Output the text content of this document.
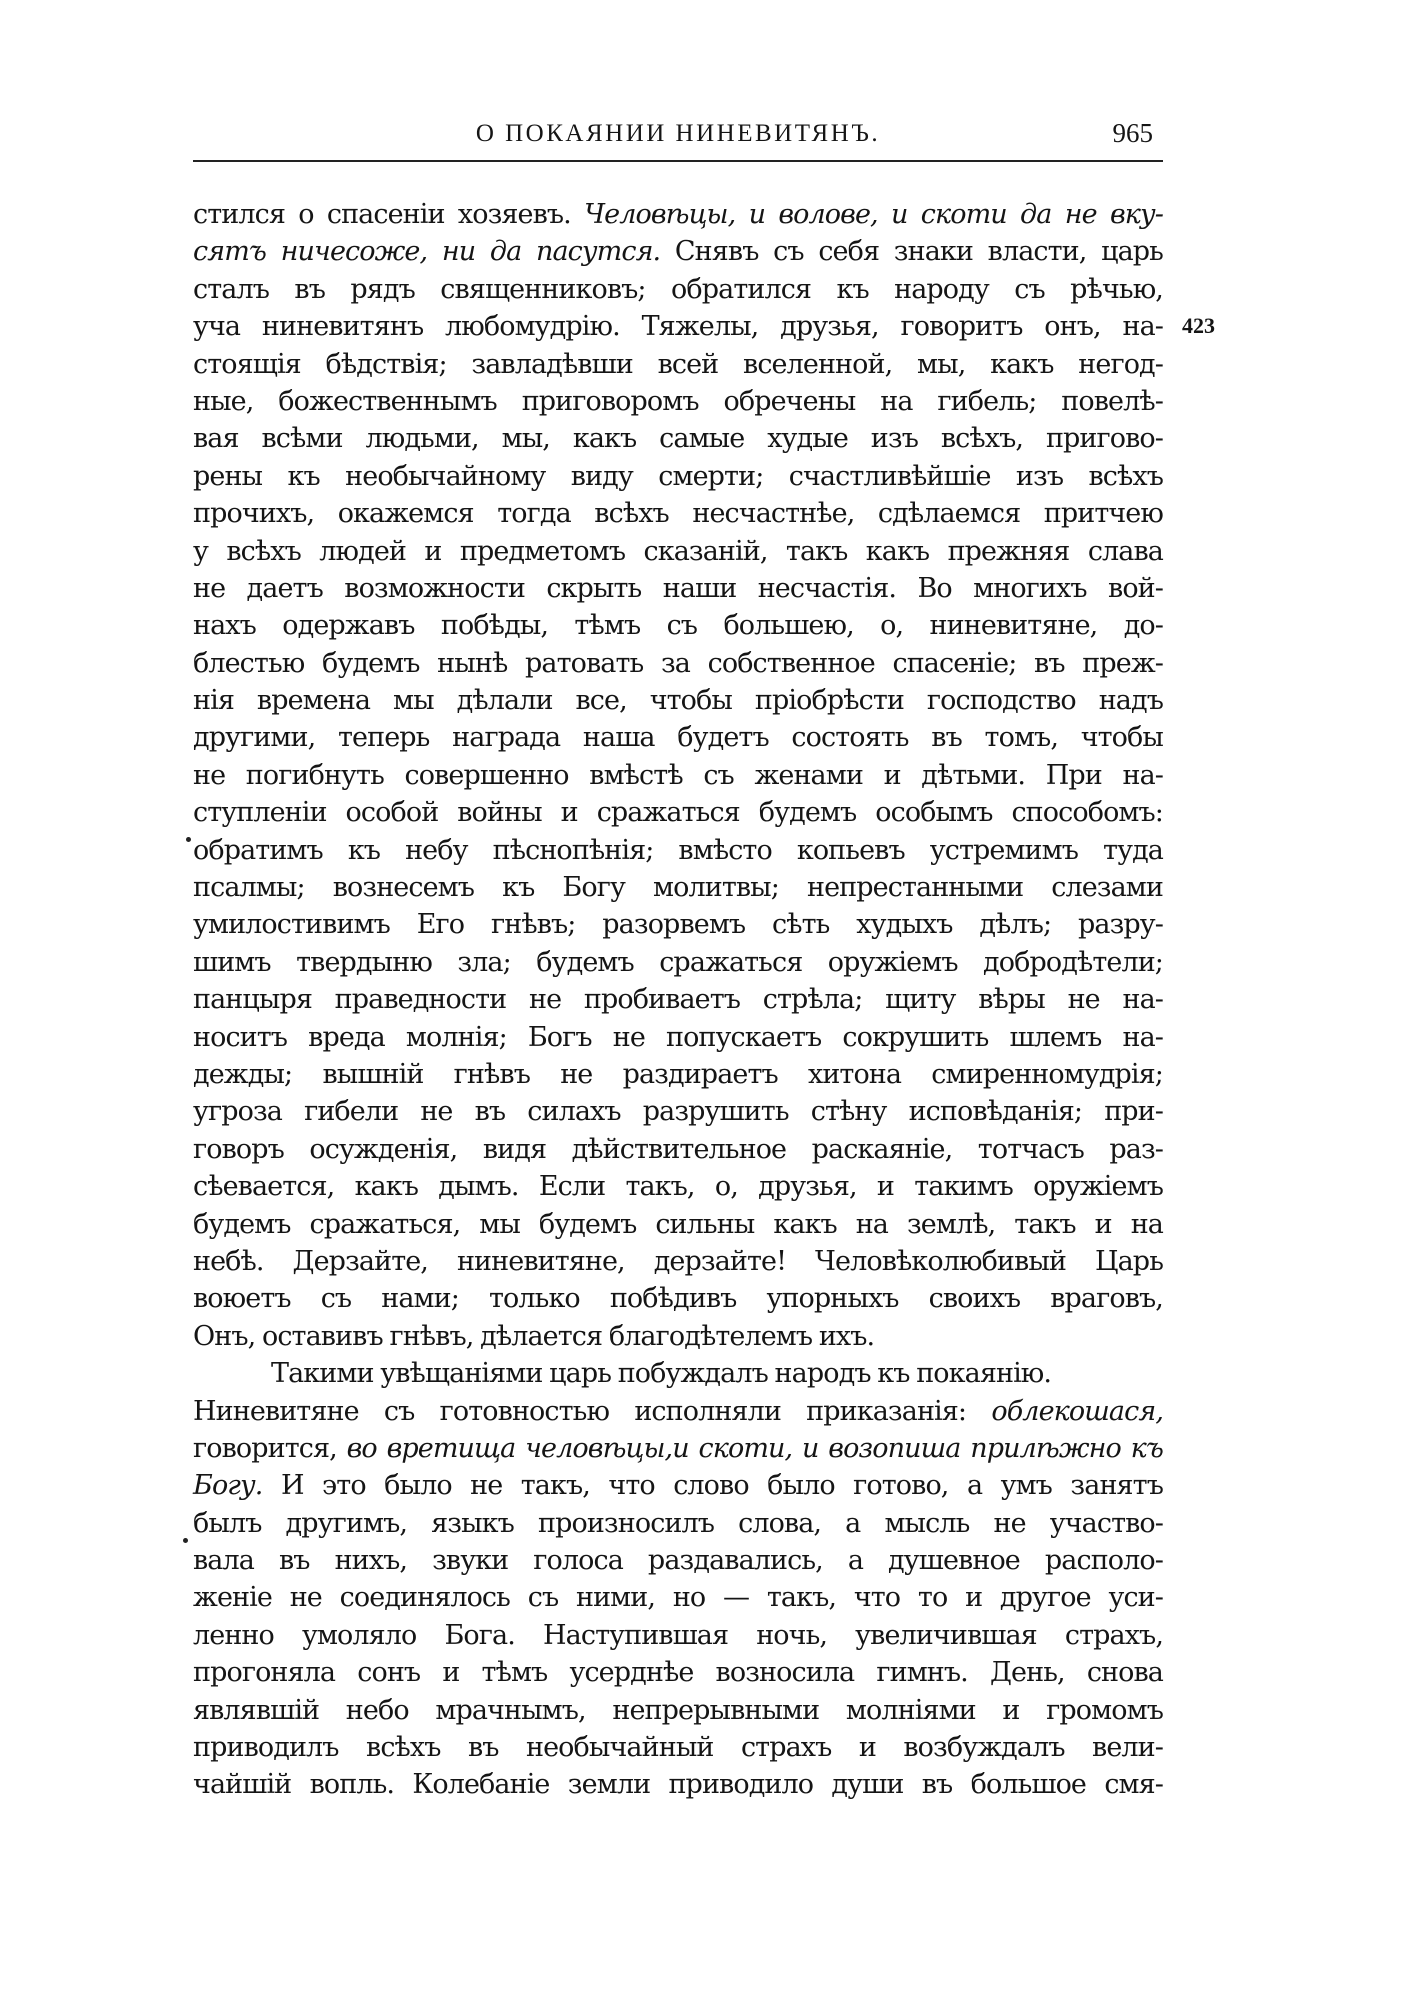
О ПОКАЯНИИ НИНЕВИТЯНЪ.	965
423
стился о спасеніи хозяевъ. Человѣцы, и волове, и скоти да не вку-
сятъ ничесоже, ни да пасутся. Снявъ съ себя знаки власти, царь
сталъ въ рядъ священниковъ; обратился къ народу съ рѣчью,
уча ниневитянъ любомудрію. Тяжелы, друзья, говоритъ онъ, на-
стоящія бѣдствія; завладѣвши всей вселенной, мы, какъ негод-
ные, божественнымъ приговоромъ обречены на гибель; повелѣ-
вая всѣми людьми, мы, какъ самые худые изъ всѣхъ, пригово-
рены къ необычайному виду смерти; счастливѣйшіе изъ всѣхъ
прочихъ, окажемся тогда всѣхъ несчастнѣе, сдѣлаемся притчею
у всѣхъ людей и предметомъ сказаній, такъ какъ прежняя слава
не даетъ возможности скрыть наши несчастія. Во многихъ вой-
нахъ одержавъ побѣды, тѣмъ съ большею, о, ниневитяне, до-
блестью будемъ нынѣ ратовать за собственное спасеніе; въ преж-
нія времена мы дѣлали все, чтобы пріобрѣсти господство надъ
другими, теперь награда наша будетъ состоять въ томъ, чтобы
не погибнуть совершенно вмѣстѣ съ женами и дѣтьми. При на-
ступленіи особой войны и сражаться будемъ особымъ способомъ:
обратимъ къ небу пѣснопѣнія; вмѣсто копьевъ устремимъ туда
псалмы; вознесемъ къ Богу молитвы; непрестанными слезами
умилостивимъ Его гнѣвъ; разорвемъ сѣть худыхъ дѣлъ; разру-
шимъ твердыню зла; будемъ сражаться оружіемъ добродѣтели;
панцыря праведности не пробиваетъ стрѣла; щиту вѣры не на-
носитъ вреда молнія; Богъ не попускаетъ сокрушить шлемъ на-
дежды; вышній гнѣвъ не раздираетъ хитона смиренномудрія;
угроза гибели не въ силахъ разрушить стѣну исповѣданія; при-
говоръ осужденія, видя дѣйствительное раскаяніе, тотчасъ раз-
сѣевается, какъ дымъ. Если такъ, о, друзья, и такимъ оружіемъ
будемъ сражаться, мы будемъ сильны какъ на землѣ, такъ и на
небѣ. Дерзайте, ниневитяне, дерзайте! Человѣколюбивый Царь
воюетъ съ нами; только побѣдивъ упорныхъ своихъ враговъ,
Онъ, оставивъ гнѣвъ, дѣлается благодѣтелемъ ихъ.
Такими увѣщаніями царь побуждалъ народъ къ покаянію.
Ниневитяне съ готовностью исполняли приказанія: облекошася,
говорится, во вретища человѣцы,и скоти, и возопиша прилѣжно къ
Богу. И это было не такъ, что слово было готово, а умъ занятъ
былъ другимъ, языкъ произносилъ слова, а мысль не участво-
вала въ нихъ, звуки голоса раздавались, а душевное располо-
женіе не соединялось съ ними, но — такъ, что то и другое уси-
ленно умоляло Бога. Наступившая ночь, увеличившая страхъ,
прогоняла сонъ и тѣмъ усерднѣе возносила гимнъ. День, снова
являвшій небо мрачнымъ, непрерывными молніями и громомъ
приводилъ всѣхъ въ необычайный страхъ и возбуждалъ вели-
чайшій вопль. Колебаніе земли приводило души въ большое смя-
